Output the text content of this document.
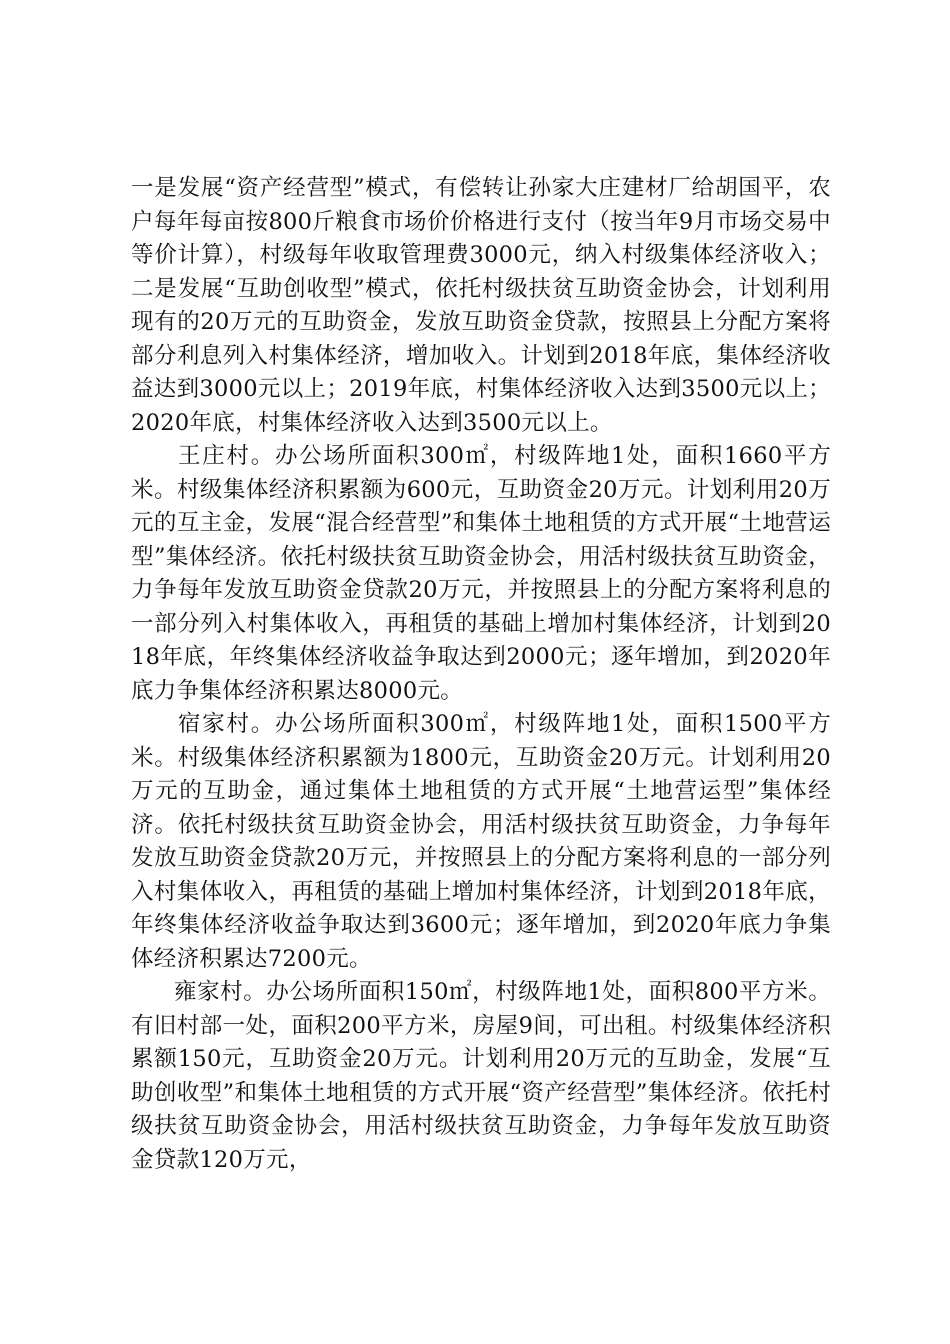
一是发展“资产经营型”模式，有偿转让孙家大庄建材厂给胡国平，农户每年每亩按800斤粮食市场价价格进行支付（按当年9月市场交易中等价计算），村级每年收取管理费3000元，纳入村级集体经济收入；二是发展“互助创收型”模式，依托村级扶贫互助资金协会，计划利用现有的20万元的互助资金，发放互助资金贷款，按照县上分配方案将部分利息列入村集体经济，增加收入。计划到2018年底，集体经济收益达到3000元以上；2019年底，村集体经济收入达到3500元以上；2020年底，村集体经济收入达到3500元以上。

王庄村。办公场所面积300㎡，村级阵地1处，面积1660平方米。村级集体经济积累额为600元，互助资金20万元。计划利用20万元的互主金，发展“混合经营型”和集体土地租赁的方式开展“土地营运型”集体经济。依托村级扶贫互助资金协会，用活村级扶贫互助资金，力争每年发放互助资金贷款20万元，并按照县上的分配方案将利息的一部分列入村集体收入，再租赁的基础上增加村集体经济，计划到2018年底，年终集体经济收益争取达到2000元；逐年增加，到2020年底力争集体经济积累达8000元。

宿家村。办公场所面积300㎡，村级阵地1处，面积1500平方米。村级集体经济积累额为1800元，互助资金20万元。计划利用20万元的互助金，通过集体土地租赁的方式开展“土地营运型”集体经济。依托村级扶贫互助资金协会，用活村级扶贫互助资金，力争每年发放互助资金贷款20万元，并按照县上的分配方案将利息的一部分列入村集体收入，再租赁的基础上增加村集体经济，计划到2018年底，年终集体经济收益争取达到3600元；逐年增加，到2020年底力争集体经济积累达7200元。

雍家村。办公场所面积150㎡，村级阵地1处，面积800平方米。有旧村部一处，面积200平方米，房屋9间，可出租。村级集体经济积累额150元，互助资金20万元。计划利用20万元的互助金，发展“互助创收型”和集体土地租赁的方式开展“资产经营型”集体经济。依托村级扶贫互助资金协会，用活村级扶贫互助资金，力争每年发放互助资金贷款120万元，
